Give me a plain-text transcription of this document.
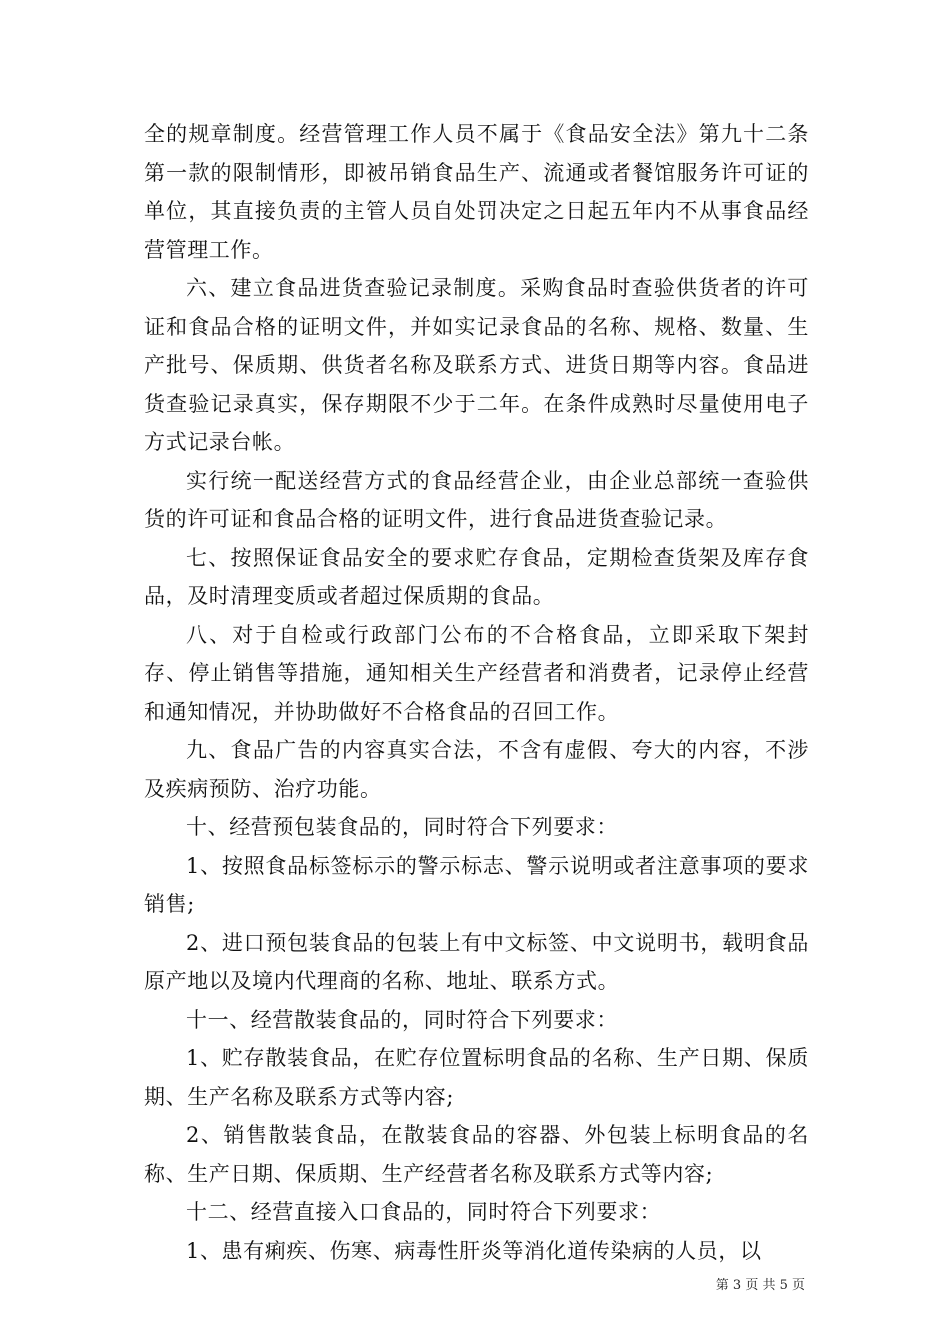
全的规章制度。经营管理工作人员不属于《食品安全法》第九十二条第一款的限制情形，即被吊销食品生产、流通或者餐馆服务许可证的单位，其直接负责的主管人员自处罚决定之日起五年内不从事食品经营管理工作。

六、建立食品进货查验记录制度。采购食品时查验供货者的许可证和食品合格的证明文件，并如实记录食品的名称、规格、数量、生产批号、保质期、供货者名称及联系方式、进货日期等内容。食品进货查验记录真实，保存期限不少于二年。在条件成熟时尽量使用电子方式记录台帐。

实行统一配送经营方式的食品经营企业，由企业总部统一查验供货的许可证和食品合格的证明文件，进行食品进货查验记录。

七、按照保证食品安全的要求贮存食品，定期检查货架及库存食品，及时清理变质或者超过保质期的食品。

八、对于自检或行政部门公布的不合格食品，立即采取下架封存、停止销售等措施，通知相关生产经营者和消费者，记录停止经营和通知情况，并协助做好不合格食品的召回工作。

九、食品广告的内容真实合法，不含有虚假、夸大的内容，不涉及疾病预防、治疗功能。

十、经营预包装食品的，同时符合下列要求：

1、按照食品标签标示的警示标志、警示说明或者注意事项的要求销售;

2、进口预包装食品的包装上有中文标签、中文说明书，载明食品原产地以及境内代理商的名称、地址、联系方式。

十一、经营散装食品的，同时符合下列要求：

1、贮存散装食品，在贮存位置标明食品的名称、生产日期、保质期、生产名称及联系方式等内容;

2、销售散装食品，在散装食品的容器、外包装上标明食品的名称、生产日期、保质期、生产经营者名称及联系方式等内容;

十二、经营直接入口食品的，同时符合下列要求：

1、患有痢疾、伤寒、病毒性肝炎等消化道传染病的人员，以

第 3 页 共 5 页
